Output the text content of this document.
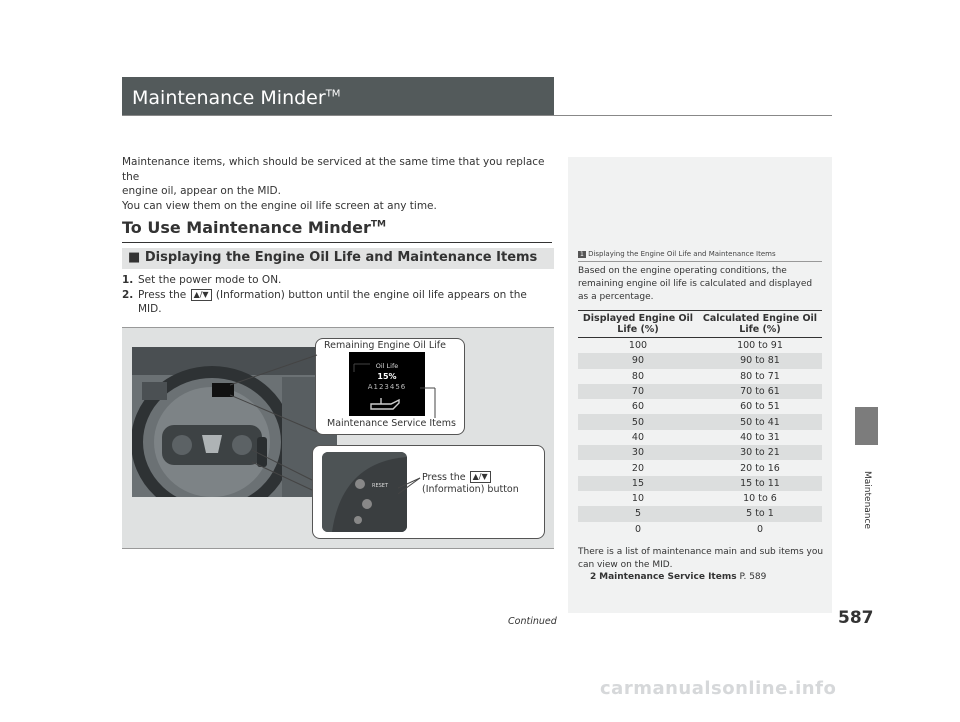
Maintenance Minder™
Maintenance
Maintenance items, which should be serviced at the same time that you replace the
engine oil, appear on the MID.
You can view them on the engine oil life screen at any time.
To Use Maintenance Minder™
■ Displaying the Engine Oil Life and Maintenance Items
1. Set the power mode to ON.
2. Press the ▲/▼ (Information) button until the engine oil life appears on the MID.
Remaining Engine Oil Life
Oil Life
15%
A123456
Maintenance Service Items
RESET
Press the ▲/▼
(Information) button
1 Displaying the Engine Oil Life and Maintenance Items
Based on the engine operating conditions, the remaining engine oil life is calculated and displayed as a percentage.
Displayed Engine Oil Life (%)	Calculated Engine Oil Life (%)
100	100 to 91
90	90 to 81
80	80 to 71
70	70 to 61
60	60 to 51
50	50 to 41
40	40 to 31
30	30 to 21
20	20 to 16
15	15 to 11
10	10 to 6
5	5 to 1
0	0
There is a list of maintenance main and sub items you can view on the MID.
2 Maintenance Service Items P. 589
Continued	587
carmanualsonline.info
